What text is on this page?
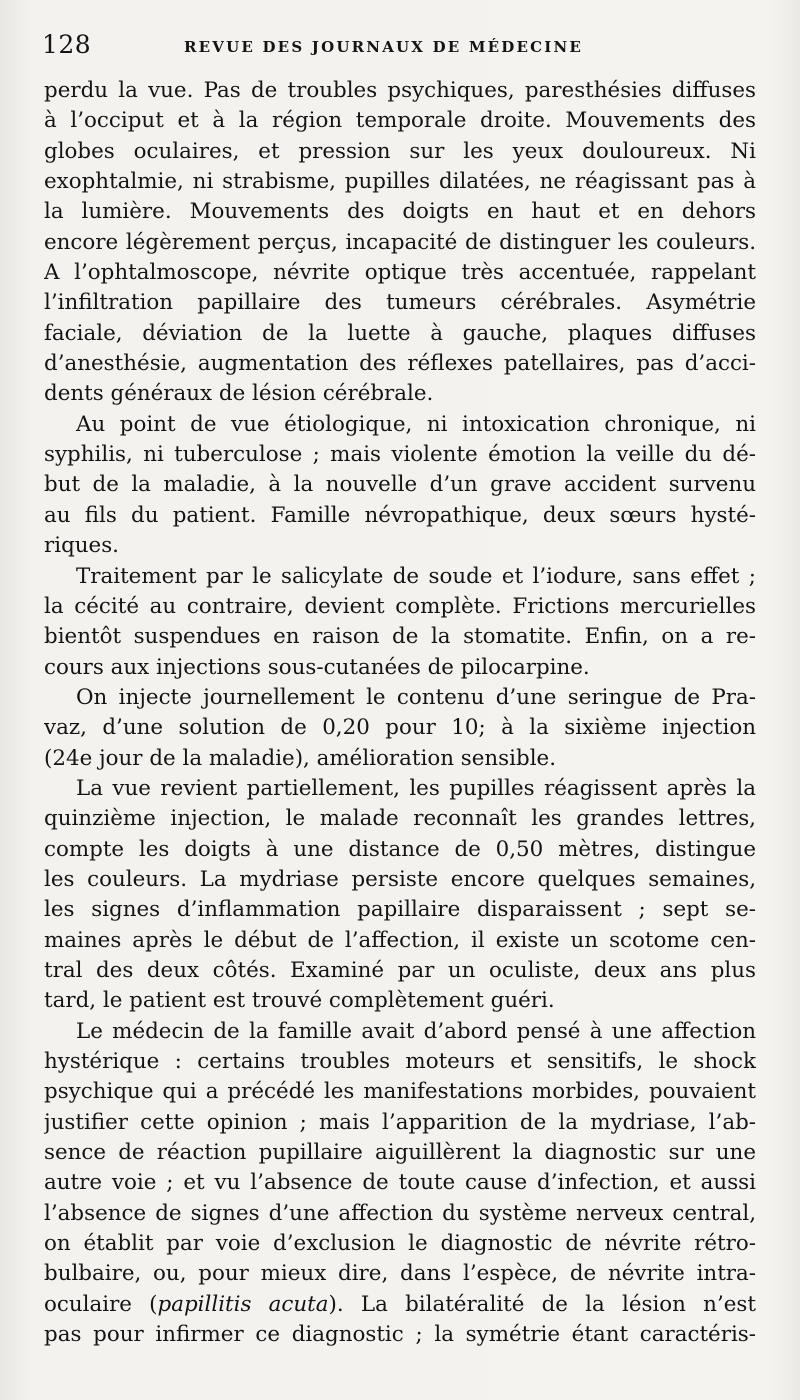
128	REVUE DES JOURNAUX DE MÉDECINE
perdu la vue. Pas de troubles psychiques, paresthésies diffuses
à l’occiput et à la région temporale droite. Mouvements des
globes oculaires, et pression sur les yeux douloureux. Ni
exophtalmie, ni strabisme, pupilles dilatées, ne réagissant pas à
la lumière. Mouvements des doigts en haut et en dehors
encore légèrement perçus, incapacité de distinguer les couleurs.
A l’ophtalmoscope, névrite optique très accentuée, rappelant
l’infiltration papillaire des tumeurs cérébrales. Asymétrie
faciale, déviation de la luette à gauche, plaques diffuses
d’anesthésie, augmentation des réflexes patellaires, pas d’acci-
dents généraux de lésion cérébrale.
Au point de vue étiologique, ni intoxication chronique, ni
syphilis, ni tuberculose ; mais violente émotion la veille du dé-
but de la maladie, à la nouvelle d’un grave accident survenu
au fils du patient. Famille névropathique, deux sœurs hysté-
riques.
Traitement par le salicylate de soude et l’iodure, sans effet ;
la cécité au contraire, devient complète. Frictions mercurielles
bientôt suspendues en raison de la stomatite. Enfin, on a re-
cours aux injections sous-cutanées de pilocarpine.
On injecte journellement le contenu d’une seringue de Pra-
vaz, d’une solution de 0,20 pour 10; à la sixième injection
(24e jour de la maladie), amélioration sensible.
La vue revient partiellement, les pupilles réagissent après la
quinzième injection, le malade reconnaît les grandes lettres,
compte les doigts à une distance de 0,50 mètres, distingue
les couleurs. La mydriase persiste encore quelques semaines,
les signes d’inflammation papillaire disparaissent ; sept se-
maines après le début de l’affection, il existe un scotome cen-
tral des deux côtés. Examiné par un oculiste, deux ans plus
tard, le patient est trouvé complètement guéri.
Le médecin de la famille avait d’abord pensé à une affection
hystérique : certains troubles moteurs et sensitifs, le shock
psychique qui a précédé les manifestations morbides, pouvaient
justifier cette opinion ; mais l’apparition de la mydriase, l’ab-
sence de réaction pupillaire aiguillèrent la diagnostic sur une
autre voie ; et vu l’absence de toute cause d’infection, et aussi
l’absence de signes d’une affection du système nerveux central,
on établit par voie d’exclusion le diagnostic de névrite rétro-
bulbaire, ou, pour mieux dire, dans l’espèce, de névrite intra-
oculaire (papillitis acuta). La bilatéralité de la lésion n’est
pas pour infirmer ce diagnostic ; la symétrie étant caractéris-
